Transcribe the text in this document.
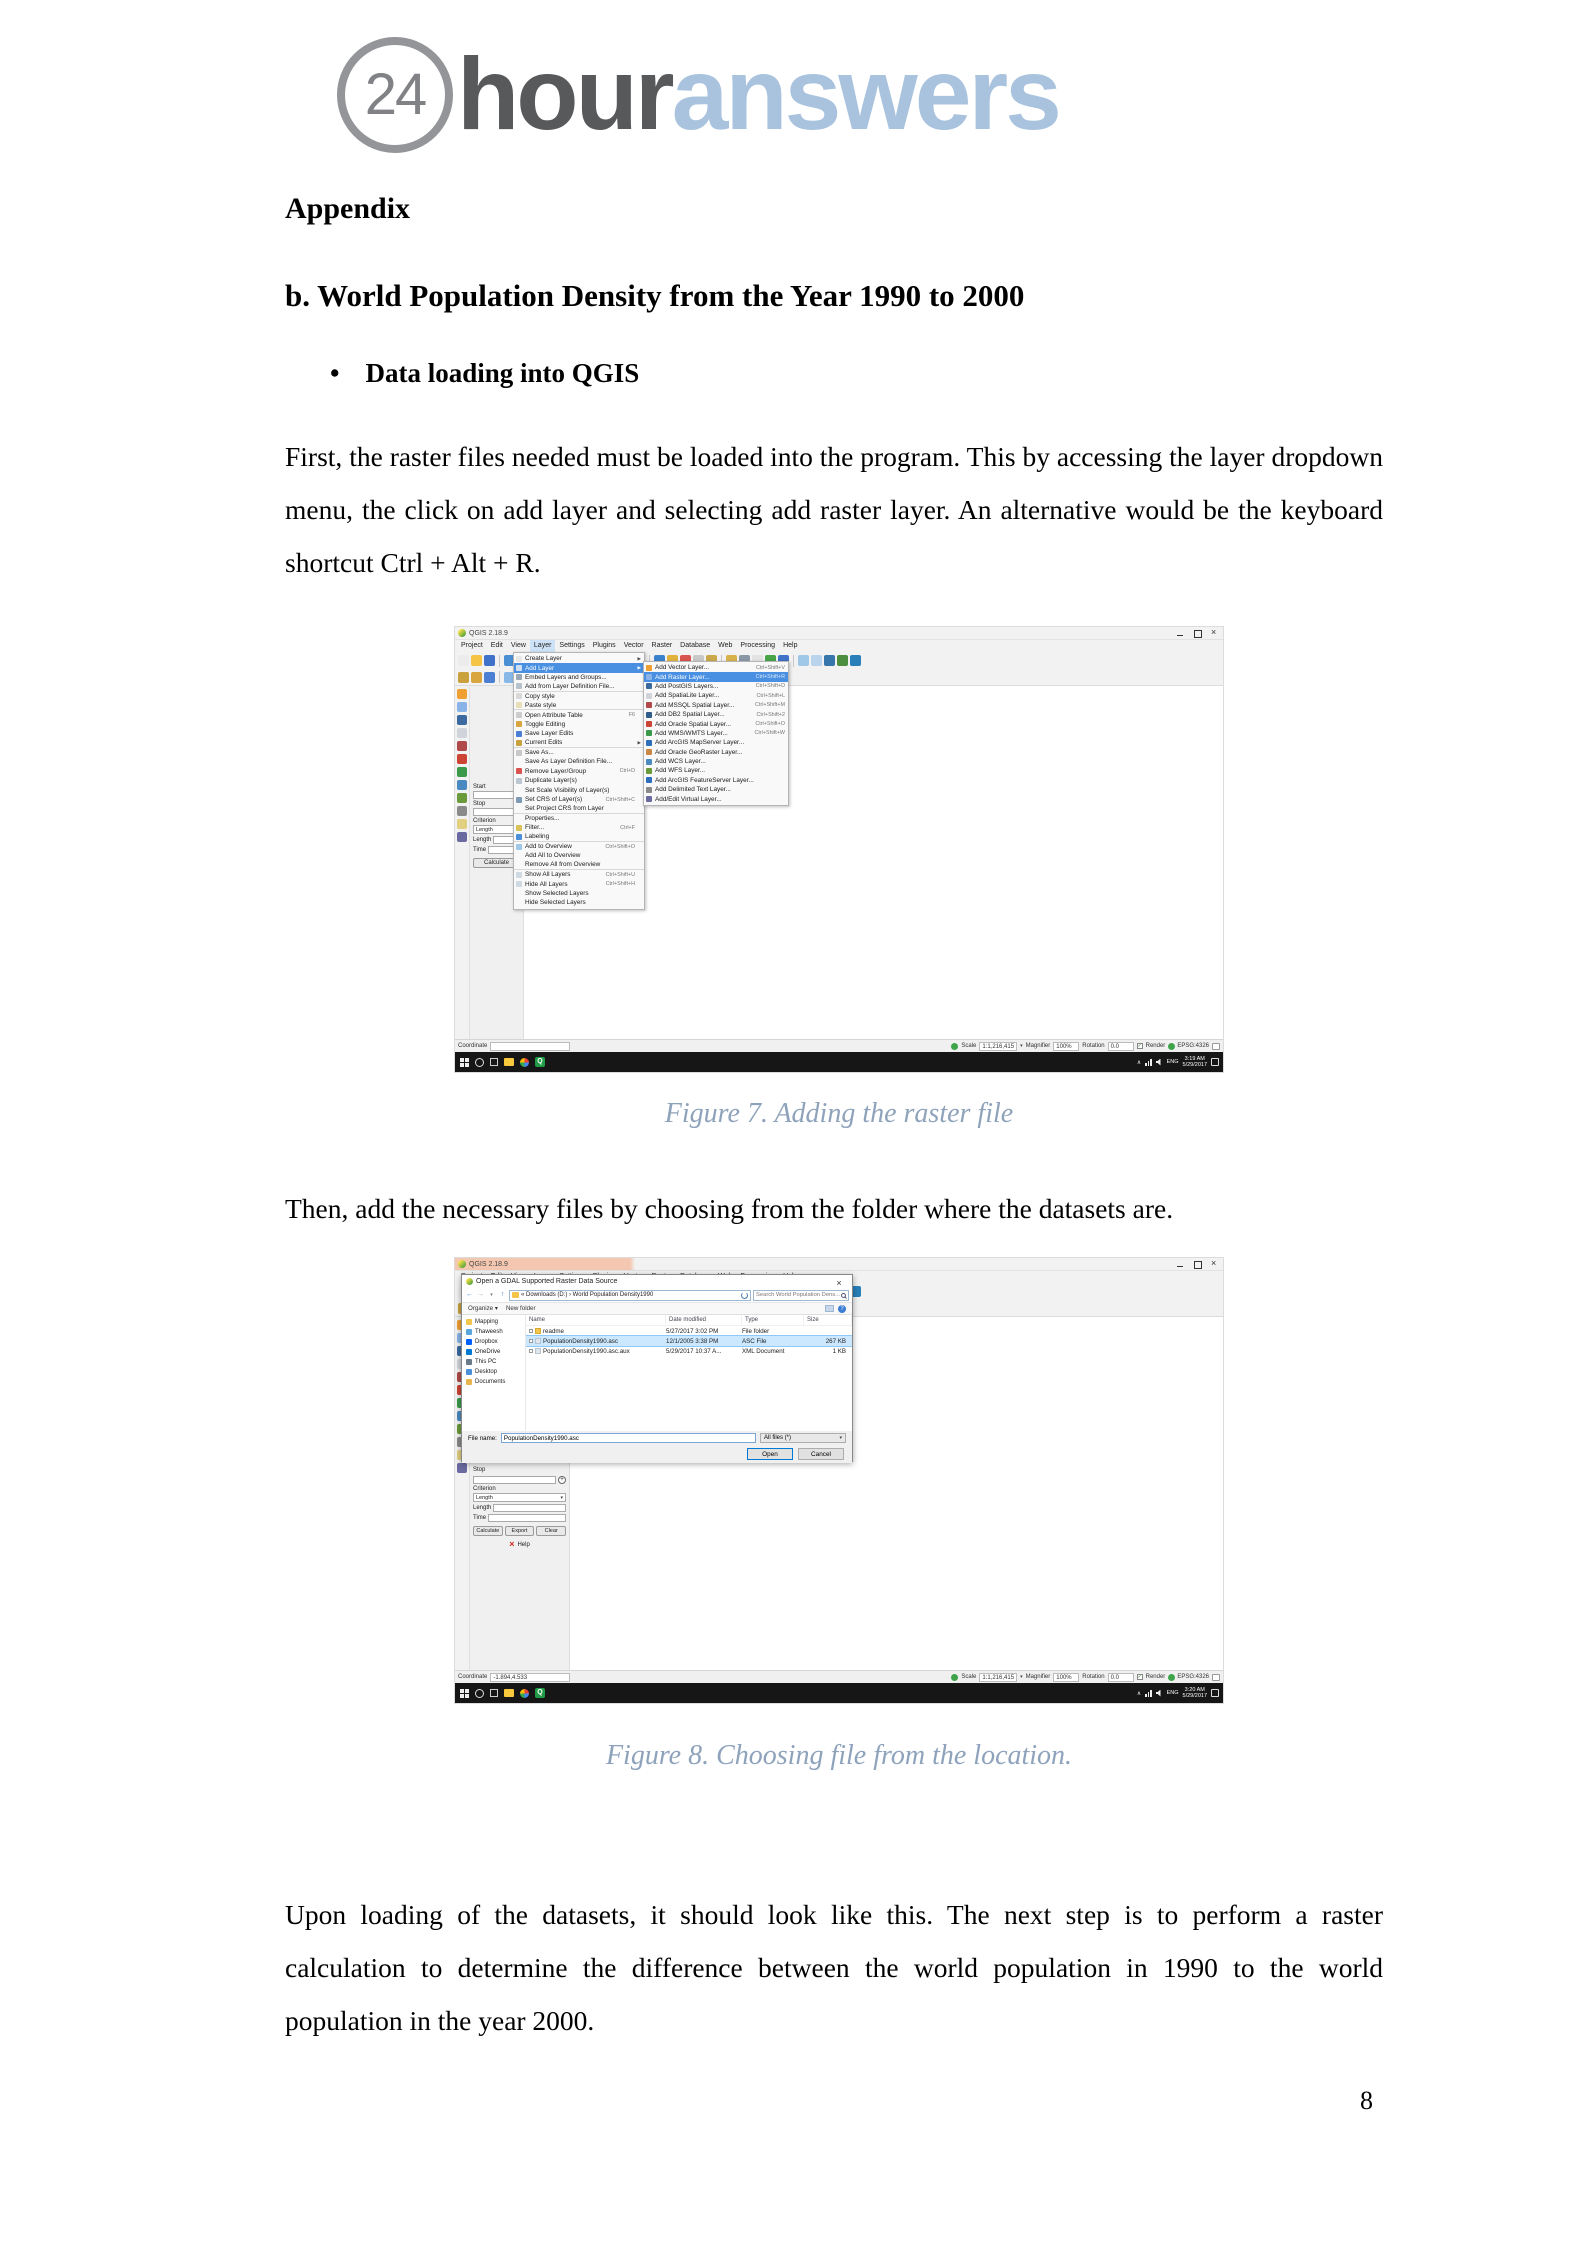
24 hour answers
Appendix
b. World Population Density from the Year 1990 to 2000
• Data loading into QGIS

First, the raster files needed must be loaded into the program. This by accessing the layer dropdown menu, the click on add layer and selecting add raster layer. An alternative would be the keyboard shortcut Ctrl + Alt + R.

QGIS 2.18.9
×
Project	Edit	View	Layer	Settings	Plugins	Vector	Raster	Database	Web	Processing	Help
Start
Stop
Criterion
Length
▾
Length
Time
Calculate
Create Layer	▶
Add Layer	▶
Embed Layers and Groups...
Add from Layer Definition File...
Copy style
Paste style
Open Attribute Table	F6
Toggle Editing
Save Layer Edits
Current Edits	▶
Save As...
Save As Layer Definition File...
Remove Layer/Group	Ctrl+D
Duplicate Layer(s)
Set Scale Visibility of Layer(s)
Set CRS of Layer(s)	Ctrl+Shift+C
Set Project CRS from Layer
Properties...
Filter...	Ctrl+F
Labeling
Add to Overview	Ctrl+Shift+O
Add All to Overview
Remove All from Overview
Show All Layers	Ctrl+Shift+U
Hide All Layers	Ctrl+Shift+H
Show Selected Layers
Hide Selected Layers
Add Vector Layer...	Ctrl+Shift+V
Add Raster Layer...	Ctrl+Shift+R
Add PostGIS Layers...	Ctrl+Shift+D
Add SpatiaLite Layer...	Ctrl+Shift+L
Add MSSQL Spatial Layer...	Ctrl+Shift+M
Add DB2 Spatial Layer...	Ctrl+Shift+2
Add Oracle Spatial Layer...	Ctrl+Shift+O
Add WMS/WMTS Layer...	Ctrl+Shift+W
Add ArcGIS MapServer Layer...
Add Oracle GeoRaster Layer...
Add WCS Layer...
Add WFS Layer...
Add ArcGIS FeatureServer Layer...
Add Delimited Text Layer...
Add/Edit Virtual Layer...
Coordinate	Scale	1:1,216,415	▾ Magnifier	100%	Rotation	0.0 ✓	Render EPSG:4326
Q
∧	ENG
3:19 AM
5/29/2017
Figure 7. Adding the raster file

Then, add the necessary files by choosing from the folder where the datasets are.

QGIS 2.18.9
×
Stop
+
Criterion
Length
▾
Length
Time
Calculate	Export	Clear
×
Help
Open a GDAL Supported Raster Data Source
×
←
→
▾
↑
« Downloads (D:) › World Population Density1990	Search World Population Dens...
Organize ▾ New folder
?
Mapping
Thaweesh
Dropbox
OneDrive
This PC
Desktop
Documents
Name	Date modified	Type	Size
readme	5/27/2017 3:02 PM	File folder
PopulationDensity1990.asc	12/1/2005 3:38 PM	ASC File	267 KB
PopulationDensity1990.asc.aux	5/29/2017 10:37 A...	XML Document	1 KB
File name:	PopulationDensity1990.asc	All files (*)
▾
Open	Cancel
Coordinate	-1.894,4.533	Scale	1:1,216,415	▾ Magnifier	100%	Rotation	0.0 ✓	Render EPSG:4326
Q
∧	ENG
3:20 AM
5/29/2017
Figure 8. Choosing file from the location.

Upon loading of the datasets, it should look like this. The next step is to perform a raster calculation to determine the difference between the world population in 1990 to the world population in the year 2000.

8
